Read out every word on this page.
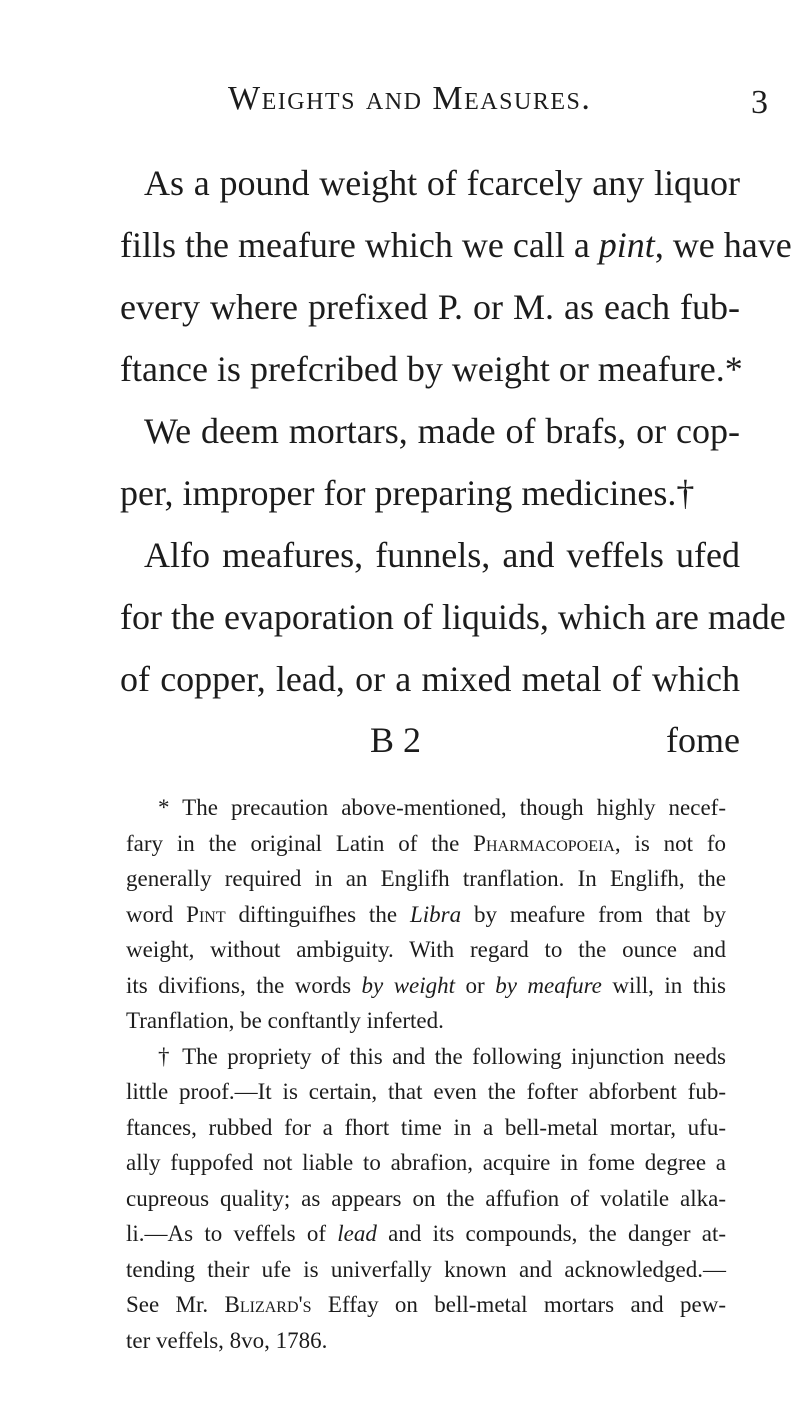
Weights and Measures.	3
As a pound weight of fcarcely any liquor
fills the meafure which we call a pint, we have
every where prefixed P. or M. as each fub-
ftance is prefcribed by weight or meafure.*
We deem mortars, made of brafs, or cop-
per, improper for preparing medicines.†
Alfo meafures, funnels, and veffels ufed
for the evaporation of liquids, which are made
of copper, lead, or a mixed metal of which
B 2	fome
* The precaution above-mentioned, though highly necef-
fary in the original Latin of the Pharmacopoeia, is not fo
generally required in an Englifh tranflation. In Englifh, the
word Pint diftinguifhes the Libra by meafure from that by
weight, without ambiguity. With regard to the ounce and
its divifions, the words by weight or by meafure will, in this
Tranflation, be conftantly inferted.
† The propriety of this and the following injunction needs
little proof.—It is certain, that even the fofter abforbent fub-
ftances, rubbed for a fhort time in a bell-metal mortar, ufu-
ally fuppofed not liable to abrafion, acquire in fome degree a
cupreous quality; as appears on the affufion of volatile alka-
li.—As to veffels of lead and its compounds, the danger at-
tending their ufe is univerfally known and acknowledged.—
See Mr. Blizard's Effay on bell-metal mortars and pew-
ter veffels, 8vo, 1786.
